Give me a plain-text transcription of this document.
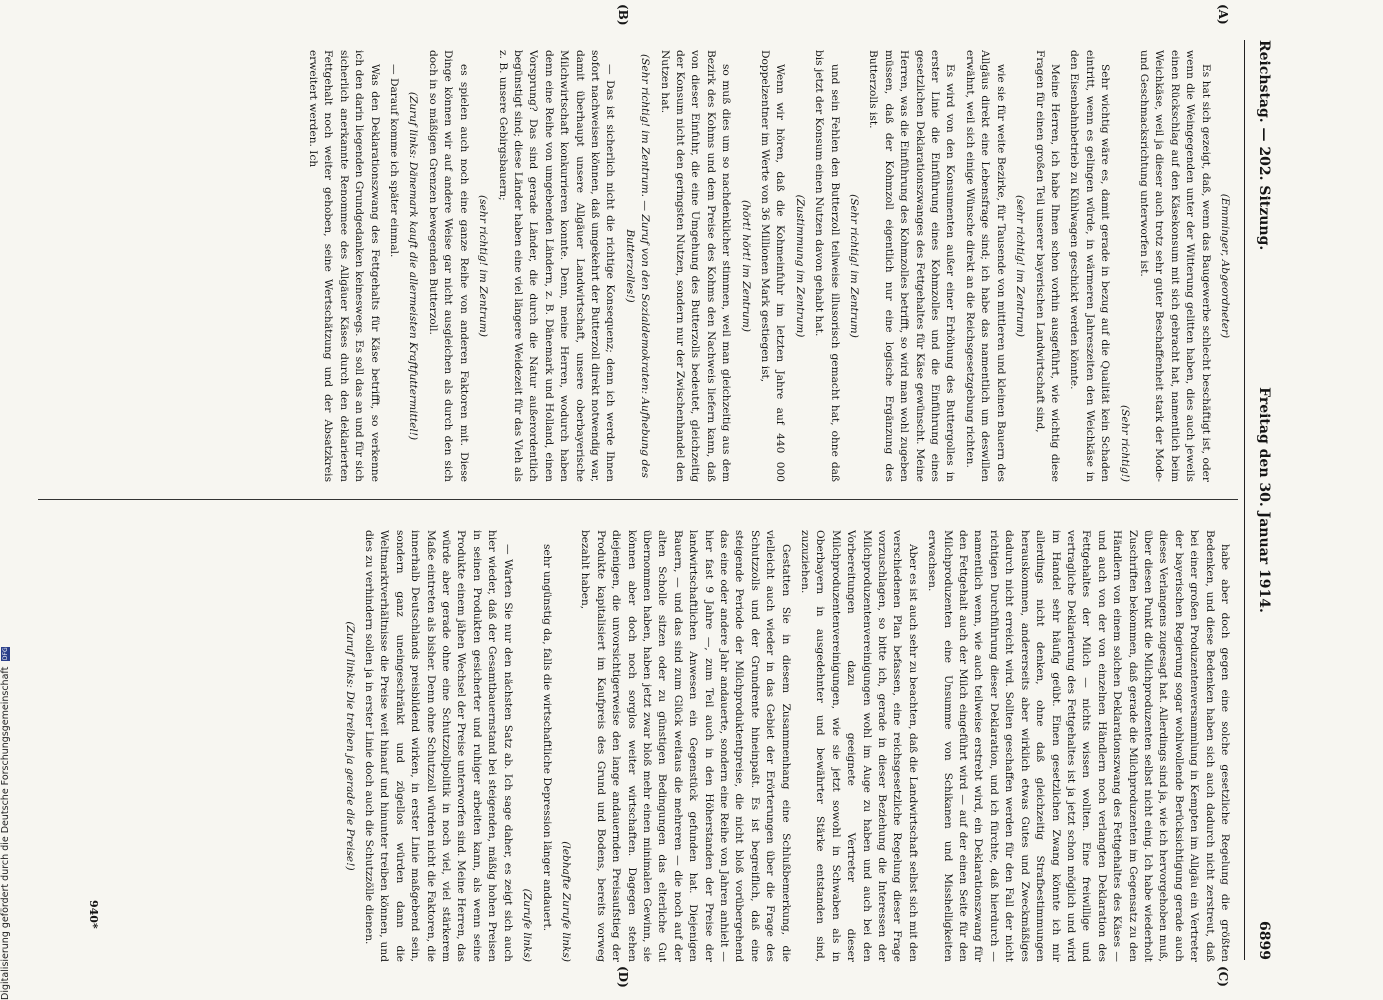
Reichstag. — 202. Sitzung.
Freitag den 30. Januar 1914.
6899
(A)
(B)
(C)
(D)

(Emminger, Abgeordneter)

Es hat sich gezeigt, daß, wenn das Baugewerbe schlecht beschäftigt ist, oder wenn die Weingegenden unter der Witterung gelitten haben, dies auch jeweils einen Rückschlag auf den Käsekonsum mit sich gebracht hat, namentlich beim Weichkäse, weil ja dieser auch trotz sehr guter Beschaffenheit stark der Mode- und Geschmacksrichtung unterworfen ist.

(Sehr richtig!)

Sehr wichtig wäre es, damit gerade in bezug auf die Qualität kein Schaden eintritt, wenn es gelingen würde, in wärmeren Jahreszeiten den Weichkäse in den Eisenbahnbetrieb zu Kühlwagen geschickt werden könnte.

Meine Herren, ich habe Ihnen schon vorhin ausgeführt, wie wichtig diese Fragen für einen großen Teil unserer bayerischen Landwirtschaft sind,

(sehr richtig! im Zentrum)

wie sie für weite Bezirke, für Tausende von mittleren und kleinen Bauern des Allgäus direkt eine Lebensfrage sind; ich habe das namentlich um deswillen erwähnt, weil sich einige Wünsche direkt an die Reichsgesetzgebung richten.

Es wird von den Konsumenten außer einer Erhöhung des Buttergolles in erster Linie die Einführung eines Kohmzolles und die Einführung eines gesetzlichen Deklarationszwanges des Fettgehaltes für Käse gewünscht. Meine Herren, was die Einführung des Kohmzolles betrifft, so wird man wohl zugeben müssen, daß der Kohmzoll eigentlich nur eine logische Ergänzung des Butterzolls ist.

(Sehr richtig! im Zentrum)

und sein Fehlen den Butterzoll teilweise illusorisch gemacht hat, ohne daß bis jetzt der Konsum einen Nutzen davon gehabt hat.

(Zustimmung im Zentrum)

Wenn wir hören, daß die Kohmeinfuhr im letzten Jahre auf 440 000 Doppelzentner im Werte von 36 Millionen Mark gestiegen ist,

(hört! hört! im Zentrum)

so muß dies um so nachdenklicher stimmen, weil man gleichzeitig aus dem Bezirk des Kohms und dem Preise des Kohms den Nachweis liefern kann, daß von dieser Einfuhr, die eine Umgehung des Butterzolls bedeutet, gleichzeitig der Konsum nicht den geringsten Nutzen, sondern nur der Zwischenhandel den Nutzen hat.

(Sehr richtig! im Zentrum. — Zuruf von den Sozialdemokraten: Aufhebung des Butterzolles!)

— Das ist sicherlich nicht die richtige Konsequenz; denn ich werde Ihnen sofort nachweisen können, daß umgekehrt der Butterzoll direkt notwendig war, damit überhaupt unsere Allgäuer Landwirtschaft, unsere oberbayerische Milchwirtschaft konkurrieren konnte. Denn, meine Herren, wodurch haben denn eine Reihe von umgebenden Ländern, z. B. Dänemark und Holland, einen Vorsprung? Das sind gerade Länder, die durch die Natur außerordentlich begünstigt sind; diese Länder haben eine viel längere Weidezeit für das Vieh als z. B. unsere Gebirgsbauern;

(sehr richtig! im Zentrum)

es spielen auch noch eine ganze Reihe von anderen Faktoren mit. Diese Dinge können wir auf andere Weise gar nicht ausgleichen als durch den sich doch in so mäßigen Grenzen bewegenden Butterzoll.

(Zuruf links: Dänemark kauft die allermeisten Kraftfuttermittel!)

— Darauf komme ich später einmal.

Was den Deklarationszwang des Fettgehalts für Käse betrifft, so verkenne ich den darin liegenden Grundgedanken keineswegs. Es soll das an und für sich sicherlich anerkannte Renommee des Allgäuer Käses durch den deklarierten Fettgehalt noch weiter gehoben, seine Wertschätzung und der Absatzkreis erweitert werden. Ich

habe aber doch gegen eine solche gesetzliche Regelung die größten Bedenken, und diese Bedenken haben sich auch dadurch nicht zerstreut, daß bei einer großen Produzentenversammlung in Kempten im Allgäu ein Vertreter der bayerischen Regierung sogar wohlwollende Berücksichtigung gerade auch dieses Verlangens zugesagt hat. Allerdings sind ja, wie ich hervorgehoben muß, über diesen Punkt die Milchproduzenten selbst nicht einig. Ich habe wiederholt Zuschriften bekommen, daß gerade die Milchproduzenten im Gegensatz zu den Händlern von einem solchen Deklarationszwang des Fettgehaltes des Käses — und auch von der von einzelnen Händlern noch verlangten Deklaration des Fettgehaltes der Milch — nichts wissen wollten. Eine freiwillige und vertragliche Deklarierung des Fettgehaltes ist ja jetzt schon möglich und wird im Handel sehr häufig geübt. Einen gesetzlichen Zwang könnte ich mir allerdings nicht denken, ohne daß gleichzeitig Strafbestimmungen herauskommen, andererseits aber wirklich etwas Gutes und Zweckmäßiges dadurch nicht erreicht wird. Sollten geschaffen werden für den Fall der nicht richtigen Durchführung dieser Deklaration, und ich fürchte, daß hierdurch — namentlich wenn, wie auch teilweise erstrebt wird, ein Deklarationszwang für den Fettgehalt auch der Milch eingeführt wird — auf der einen Seite für den Milchproduzenten eine Unsumme von Schikanen und Misshelligkeiten erwachsen.

Aber es ist auch sehr zu beachten, daß die Landwirtschaft selbst sich mit den verschiedenen Plan befassen, eine reichsgesetzliche Regelung dieser Frage vorzuschlagen, so bitte ich, gerade in dieser Beziehung die Interessen der Milchproduzentenvereinigungen wohl im Auge zu haben und auch bei den Vorbereitungen dazu geeignete Vertreter dieser Milchproduzentenvereinigungen, wie sie jetzt sowohl in Schwaben als in Oberbayern in ausgedehnter und bewährter Stärke entstanden sind, zuzuziehen.

Gestatten Sie in diesem Zusammenhang eine Schlußbemerkung, die vielleicht auch wieder in das Gebiet der Erörterungen über die Frage des Schutzzolls und der Grundrente hineinpaßt. Es ist begreiflich, daß eine steigende Periode der Milchproduktentpreise, die nicht bloß vorübergehend das eine oder andere Jahr andauerte, sondern eine Reihe von Jahren anhielt — hier fast 9 Jahre —, zum Teil auch in den Höherstanden der Preise der landwirtschaftlichen Anwesen ein Gegenstück gefunden hat. Diejenigen Bauern, — und das sind zum Glück weitaus die mehreren — die noch auf der alten Scholle sitzen oder zu günstigen Bedingungen das elterliche Gut übernommen haben, haben jetzt zwar bloß mehr einen minimalen Gewinn, sie können aber doch noch sorglos weiter wirtschaften. Dagegen stehen diejenigen, die unvorsichtigerweise den lange andauernden Preisaufstieg der Produkte kapitalisiert im Kaufpreis des Grund und Bodens, bereits vorweg bezahlt haben,

(lebhafte Zurufe links)

sehr ungünstig da, falls die wirtschaftliche Depression länger andauert.

(Zurufe links)

— Warten Sie nur den nächsten Satz ab. Ich sage daher, es zeigt sich auch hier wieder, daß der Gesamtbauernstand bei steigenden, mäßig hohen Preisen in seinen Produkten gesicherter und ruhiger arbeiten kann, als wenn seine Produkte einem jähen Wechsel der Preise unterworfen sind. Meine Herren, das würde aber gerade ohne eine Schutzzollpolitik in noch viel, viel stärkerem Maße eintreten als bisher. Denn ohne Schutzzoll würden nicht die Faktoren, die innerhalb Deutschlands preisbildend wirken, in erster Linie maßgebend sein, sondern ganz uneingeschränkt und zügellos würden dann die Weltmarktverhältnisse die Preise weit hinauf und hinunter treiben können, und dies zu verhindern sollen ja in erster Linie doch auch die Schutzzölle dienen.

(Zuruf links: Die treiben ja gerade die Preise!)

940*
Digitalisierung gefördert durch die Deutsche ForschungsgemeinschaftDFG
